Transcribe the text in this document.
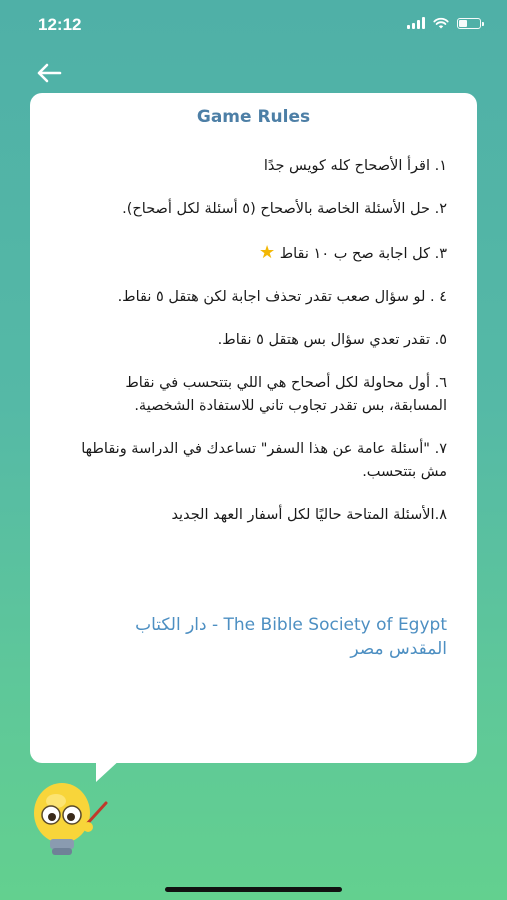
12:12
Game Rules
١. اقرأ الأصحاح كله كويس جدًا
٢. حل الأسئلة الخاصة بالأصحاح (٥ أسئلة لكل أصحاح).
٣. كل اجابة صح ب ١٠ نقاط ★
٤ . لو سؤال صعب تقدر تحذف اجابة لكن هتقل ٥ نقاط.
٥. تقدر تعدي سؤال بس هتقل ٥ نقاط.
٦. أول محاولة لكل أصحاح هي اللي بتتحسب في نقاط المسابقة، بس تقدر تجاوب تاني للاستفادة الشخصية.
٧. "أسئلة عامة عن هذا السفر" تساعدك في الدراسة ونقاطها مش بتتحسب.
٨.الأسئلة المتاحة حاليًا لكل أسفار العهد الجديد
The Bible Society of Egypt - دار الكتاب المقدس مصر
